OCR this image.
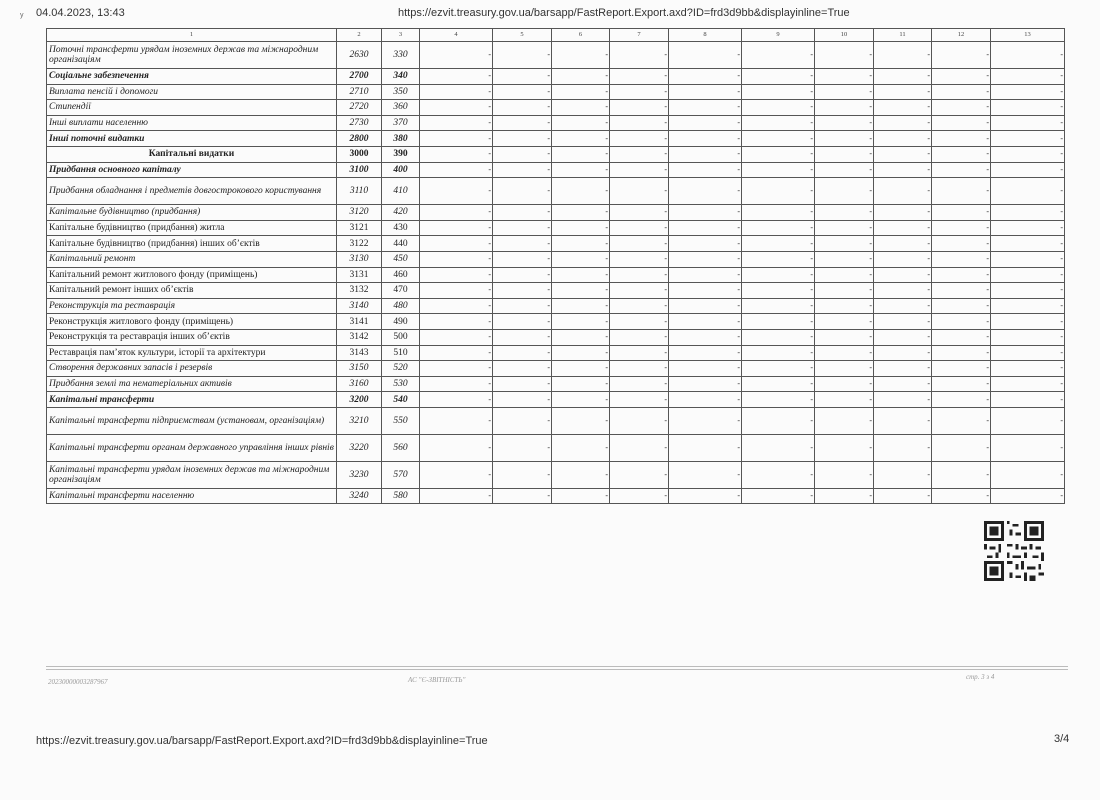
у 04.04.2023, 13:43	https://ezvit.treasury.gov.ua/barsapp/FastReport.Export.axd?ID=frd3d9bb&displayinline=True
1	2	3	4	5	6	7	8	9	10	11	12	13
Поточні трансферти урядам іноземних держав та міжнародним організаціям	2630	330	-	-	-	-	-	-	-	-	-	-
Соціальне забезпечення	2700	340	-	-	-	-	-	-	-	-	-	-
Виплата пенсій і допомоги	2710	350	-	-	-	-	-	-	-	-	-	-
Стипендії	2720	360	-	-	-	-	-	-	-	-	-	-
Інші виплати населенню	2730	370	-	-	-	-	-	-	-	-	-	-
Інші поточні видатки	2800	380	-	-	-	-	-	-	-	-	-	-
Капітальні видатки	3000	390	-	-	-	-	-	-	-	-	-	-
Придбання основного капіталу	3100	400	-	-	-	-	-	-	-	-	-	-
Придбання обладнання і предметів довгострокового користування	3110	410	-	-	-	-	-	-	-	-	-	-
Капітальне будівництво (придбання)	3120	420	-	-	-	-	-	-	-	-	-	-
Капітальне будівництво (придбання) житла	3121	430	-	-	-	-	-	-	-	-	-	-
Капітальне будівництво (придбання) інших об’єктів	3122	440	-	-	-	-	-	-	-	-	-	-
Капітальний ремонт	3130	450	-	-	-	-	-	-	-	-	-	-
Капітальний ремонт житлового фонду (приміщень)	3131	460	-	-	-	-	-	-	-	-	-	-
Капітальний ремонт інших об’єктів	3132	470	-	-	-	-	-	-	-	-	-	-
Реконструкція та реставрація	3140	480	-	-	-	-	-	-	-	-	-	-
Реконструкція житлового фонду (приміщень)	3141	490	-	-	-	-	-	-	-	-	-	-
Реконструкція та реставрація інших об’єктів	3142	500	-	-	-	-	-	-	-	-	-	-
Реставрація пам’яток культури, історії та архітектури	3143	510	-	-	-	-	-	-	-	-	-	-
Створення державних запасів і резервів	3150	520	-	-	-	-	-	-	-	-	-	-
Придбання землі та нематеріальних активів	3160	530	-	-	-	-	-	-	-	-	-	-
Капітальні трансферти	3200	540	-	-	-	-	-	-	-	-	-	-
Капітальні трансферти підприємствам (установам, організаціям)	3210	550	-	-	-	-	-	-	-	-	-	-
Капітальні трансферти органам державного управління інших рівнів	3220	560	-	-	-	-	-	-	-	-	-	-
Капітальні трансферти урядам іноземних держав та міжнародним організаціям	3230	570	-	-	-	-	-	-	-	-	-	-
Капітальні трансферти населенню	3240	580	-	-	-	-	-	-	-	-	-	-
20230000003287967	АС "Є-ЗВІТНІСТЬ"	стр. 3 з 4
https://ezvit.treasury.gov.ua/barsapp/FastReport.Export.axd?ID=frd3d9bb&displayinline=True	3/4
